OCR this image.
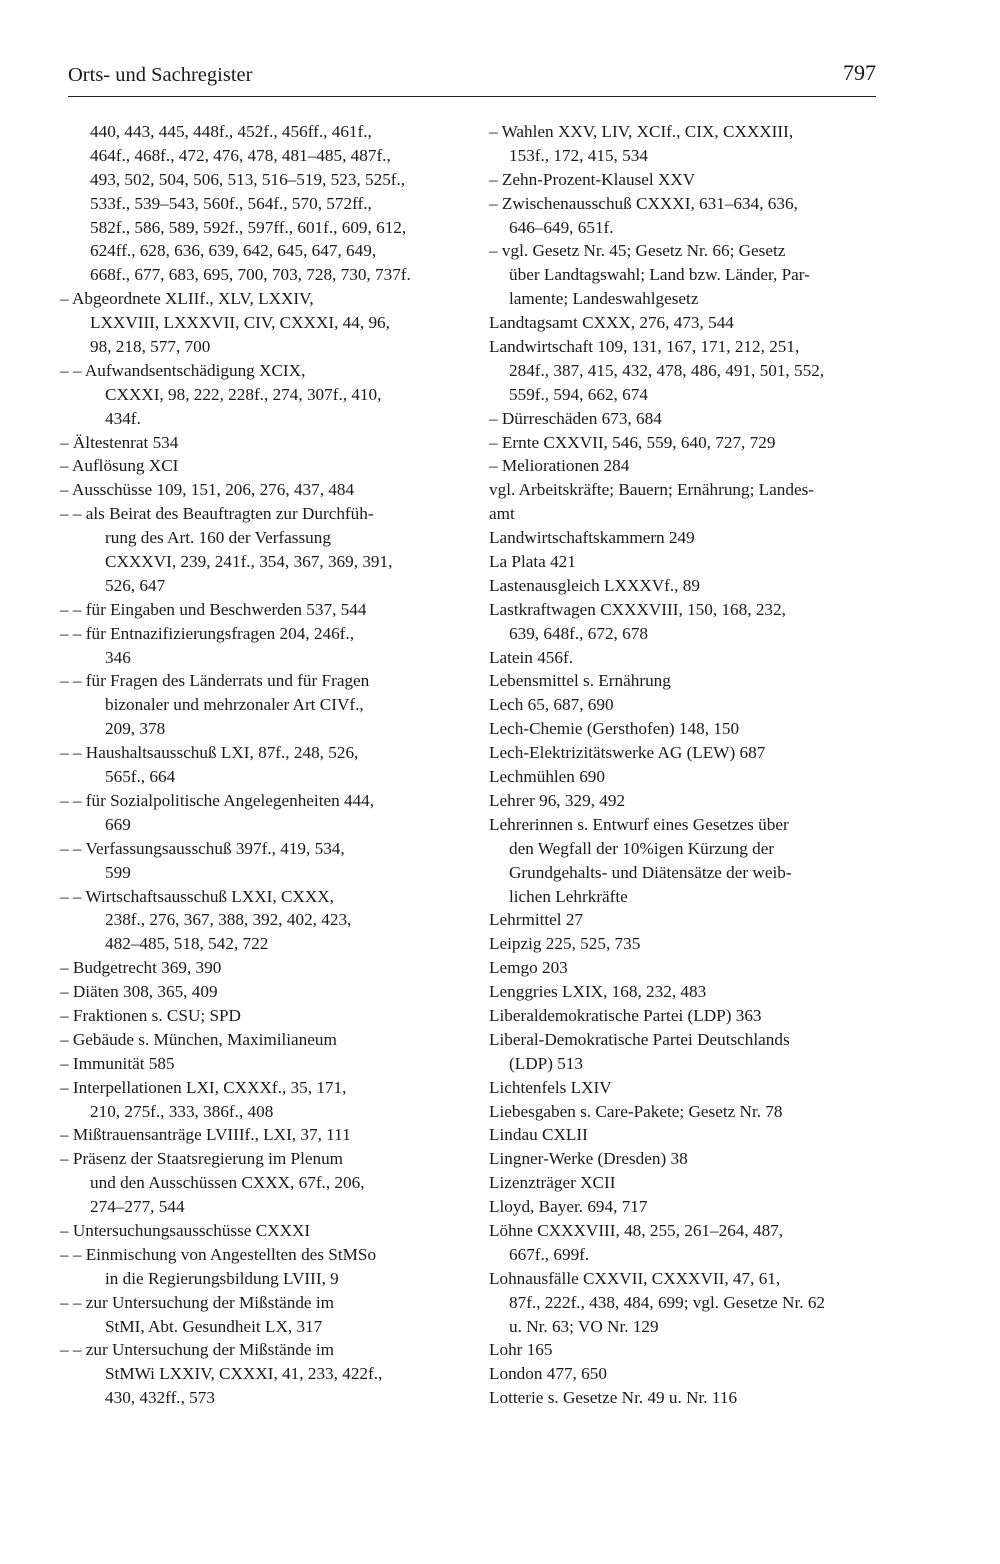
Orts- und Sachregister	797
440, 443, 445, 448f., 452f., 456ff., 461f.,
464f., 468f., 472, 476, 478, 481–485, 487f.,
493, 502, 504, 506, 513, 516–519, 523, 525f.,
533f., 539–543, 560f., 564f., 570, 572ff.,
582f., 586, 589, 592f., 597ff., 601f., 609, 612,
624ff., 628, 636, 639, 642, 645, 647, 649,
668f., 677, 683, 695, 700, 703, 728, 730, 737f.
– Abgeordnete XLIIf., XLV, LXXIV,
LXXVIII, LXXXVII, CIV, CXXXI, 44, 96,
98, 218, 577, 700
– – Aufwandsentschädigung XCIX,
CXXXI, 98, 222, 228f., 274, 307f., 410,
434f.
– Ältestenrat 534
– Auflösung XCI
– Ausschüsse 109, 151, 206, 276, 437, 484
– – als Beirat des Beauftragten zur Durchfüh-
rung des Art. 160 der Verfassung
CXXXVI, 239, 241f., 354, 367, 369, 391,
526, 647
– – für Eingaben und Beschwerden 537, 544
– – für Entnazifizierungsfragen 204, 246f.,
346
– – für Fragen des Länderrats und für Fragen
bizonaler und mehrzonaler Art CIVf.,
209, 378
– – Haushaltsausschuß LXI, 87f., 248, 526,
565f., 664
– – für Sozialpolitische Angelegenheiten 444,
669
– – Verfassungsausschuß 397f., 419, 534,
599
– – Wirtschaftsausschuß LXXI, CXXX,
238f., 276, 367, 388, 392, 402, 423,
482–485, 518, 542, 722
– Budgetrecht 369, 390
– Diäten 308, 365, 409
– Fraktionen s. CSU; SPD
– Gebäude s. München, Maximilianeum
– Immunität 585
– Interpellationen LXI, CXXXf., 35, 171,
210, 275f., 333, 386f., 408
– Mißtrauensanträge LVIIIf., LXI, 37, 111
– Präsenz der Staatsregierung im Plenum
und den Ausschüssen CXXX, 67f., 206,
274–277, 544
– Untersuchungsausschüsse CXXXI
– – Einmischung von Angestellten des StMSo
in die Regierungsbildung LVIII, 9
– – zur Untersuchung der Mißstände im
StMI, Abt. Gesundheit LX, 317
– – zur Untersuchung der Mißstände im
StMWi LXXIV, CXXXI, 41, 233, 422f.,
430, 432ff., 573
– Wahlen XXV, LIV, XCIf., CIX, CXXXIII,
153f., 172, 415, 534
– Zehn-Prozent-Klausel XXV
– Zwischenausschuß CXXXI, 631–634, 636,
646–649, 651f.
– vgl. Gesetz Nr. 45; Gesetz Nr. 66; Gesetz
über Landtagswahl; Land bzw. Länder, Par-
lamente; Landeswahlgesetz
Landtagsamt CXXX, 276, 473, 544
Landwirtschaft 109, 131, 167, 171, 212, 251,
284f., 387, 415, 432, 478, 486, 491, 501, 552,
559f., 594, 662, 674
– Dürreschäden 673, 684
– Ernte CXXVII, 546, 559, 640, 727, 729
– Meliorationen 284
vgl. Arbeitskräfte; Bauern; Ernährung; Landes-
amt
Landwirtschaftskammern 249
La Plata 421
Lastenausgleich LXXXVf., 89
Lastkraftwagen CXXXVIII, 150, 168, 232,
639, 648f., 672, 678
Latein 456f.
Lebensmittel s. Ernährung
Lech 65, 687, 690
Lech-Chemie (Gersthofen) 148, 150
Lech-Elektrizitätswerke AG (LEW) 687
Lechmühlen 690
Lehrer 96, 329, 492
Lehrerinnen s. Entwurf eines Gesetzes über
den Wegfall der 10%igen Kürzung der
Grundgehalts- und Diätensätze der weib-
lichen Lehrkräfte
Lehrmittel 27
Leipzig 225, 525, 735
Lemgo 203
Lenggries LXIX, 168, 232, 483
Liberaldemokratische Partei (LDP) 363
Liberal-Demokratische Partei Deutschlands
(LDP) 513
Lichtenfels LXIV
Liebesgaben s. Care-Pakete; Gesetz Nr. 78
Lindau CXLII
Lingner-Werke (Dresden) 38
Lizenzträger XCII
Lloyd, Bayer. 694, 717
Löhne CXXXVIII, 48, 255, 261–264, 487,
667f., 699f.
Lohnausfälle CXXVII, CXXXVII, 47, 61,
87f., 222f., 438, 484, 699; vgl. Gesetze Nr. 62
u. Nr. 63; VO Nr. 129
Lohr 165
London 477, 650
Lotterie s. Gesetze Nr. 49 u. Nr. 116
